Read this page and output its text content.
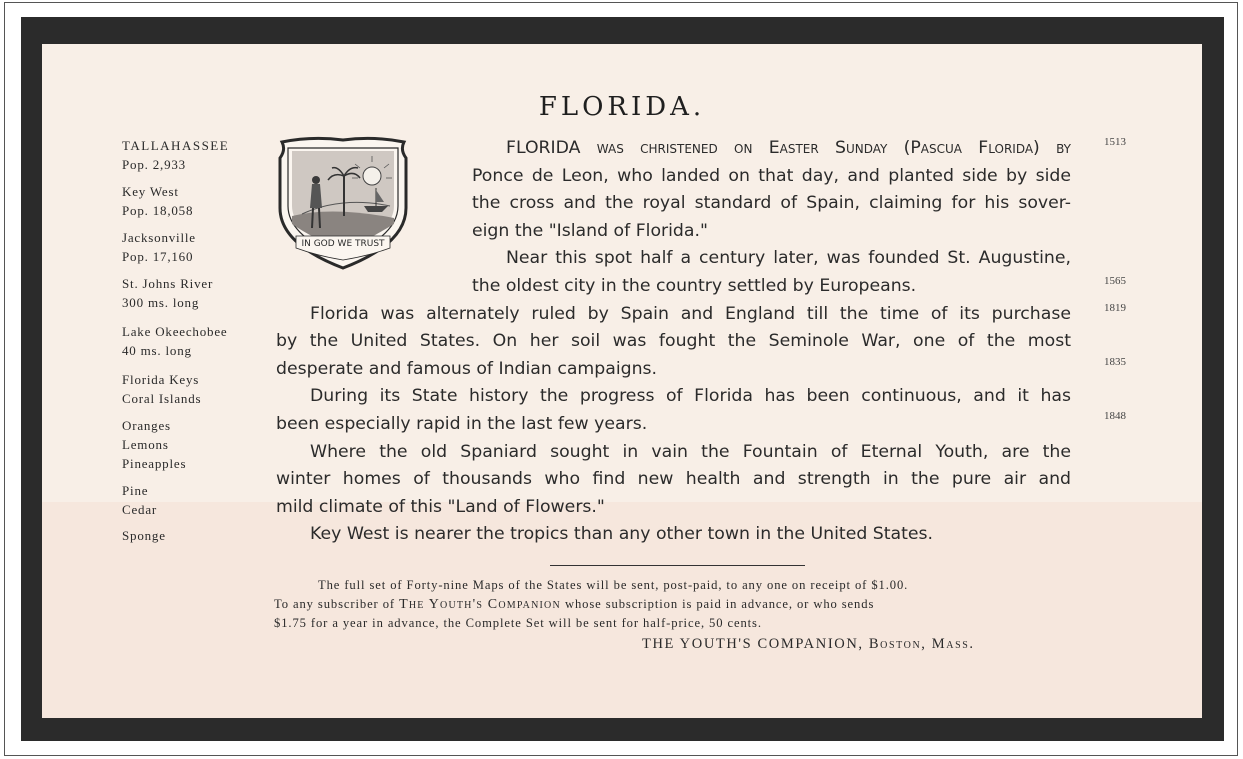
FLORIDA.
TALLAHASSEE
Pop. 2,933
Key West
Pop. 18,058
Jacksonville
Pop. 17,160
St. Johns River
300 ms. long
Lake Okeechobee
40 ms. long
Florida Keys
Coral Islands
Oranges
Lemons
Pineapples
Pine
Cedar
Sponge
IN GOD WE TRUST
FLORIDA was christened on Easter Sunday (Pascua Florida) by
Ponce de Leon, who landed on that day, and planted side by side
the cross and the royal standard of Spain, claiming for his sover-
eign the "Island of Florida."
Near this spot half a century later, was founded St. Augustine,
the oldest city in the country settled by Europeans.
Florida was alternately ruled by Spain and England till the time of its purchase
by the United States. On her soil was fought the Seminole War, one of the most
desperate and famous of Indian campaigns.
During its State history the progress of Florida has been continuous, and it has
been especially rapid in the last few years.
Where the old Spaniard sought in vain the Fountain of Eternal Youth, are the
winter homes of thousands who find new health and strength in the pure air and
mild climate of this "Land of Flowers."
Key West is nearer the tropics than any other town in the United States.
1513
1565
1819
1835
1848
The full set of Forty-nine Maps of the States will be sent, post-paid, to any one on receipt of $1.00.
To any subscriber of The Youth's Companion whose subscription is paid in advance, or who sends
$1.75 for a year in advance, the Complete Set will be sent for half-price, 50 cents.
THE YOUTH'S COMPANION, Boston, Mass.
